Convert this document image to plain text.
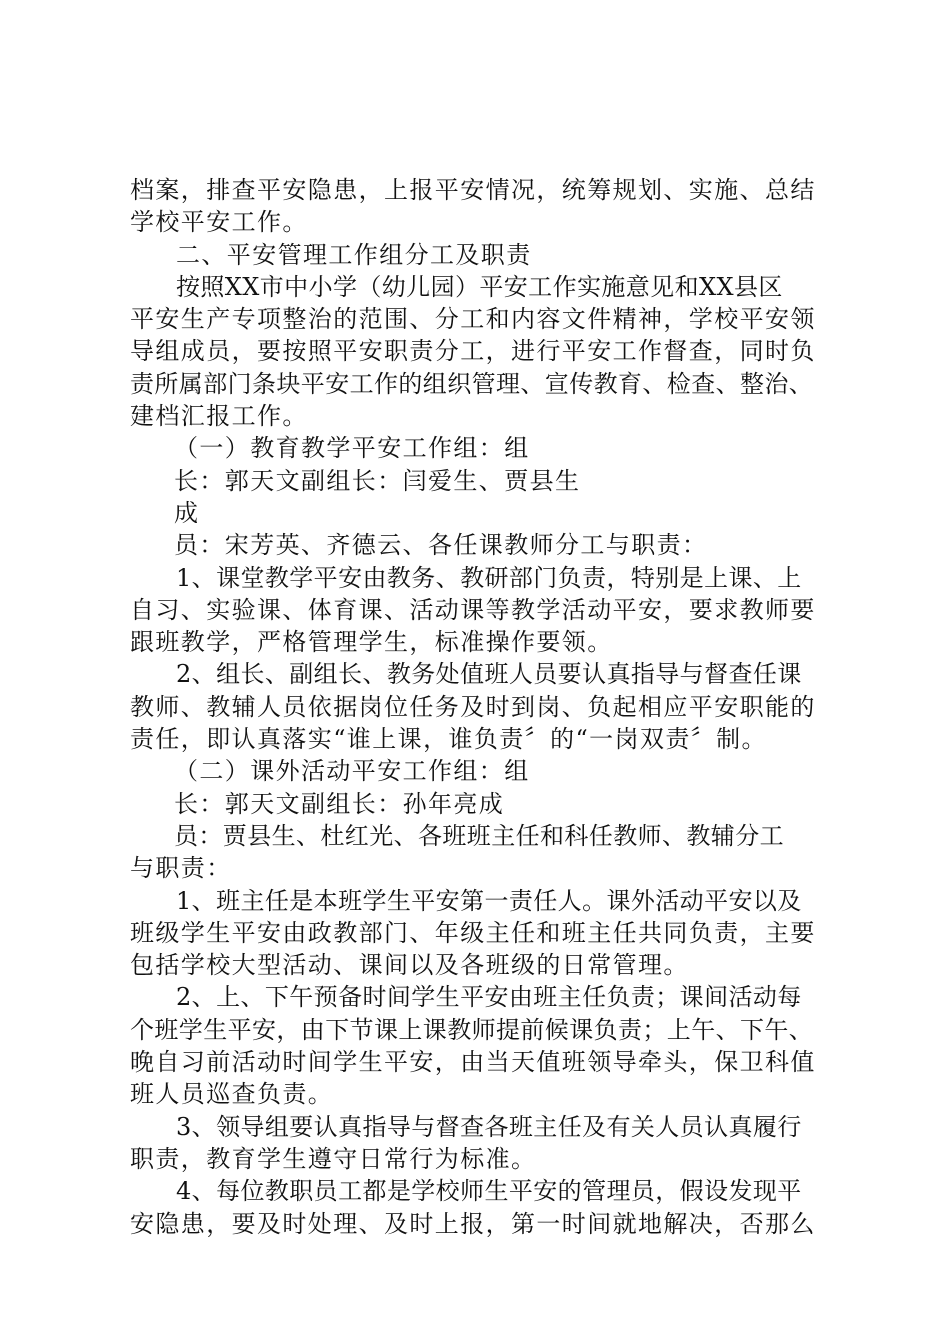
档案，排查平安隐患，上报平安情况，统筹规划、实施、总结
学校平安工作。
二、平安管理工作组分工及职责
按照XX市中小学（幼儿园）平安工作实施意见和XX县区
平安生产专项整治的范围、分工和内容文件精神，学校平安领
导组成员，要按照平安职责分工，进行平安工作督查，同时负
责所属部门条块平安工作的组织管理、宣传教育、检查、整治、
建档汇报工作。
（一）教育教学平安工作组：组
长：郭天文副组长：闫爱生、贾县生
成
员：宋芳英、齐德云、各任课教师分工与职责：
1、课堂教学平安由教务、教研部门负责，特别是上课、上
自习、实验课、体育课、活动课等教学活动平安，要求教师要
跟班教学，严格管理学生，标准操作要领。
2、组长、副组长、教务处值班人员要认真指导与督查任课
教师、教辅人员依据岗位任务及时到岗、负起相应平安职能的
责任，即认真落实“谁上课，谁负责〞的“一岗双责〞制。
（二）课外活动平安工作组：组
长：郭天文副组长：孙年亮成
员：贾县生、杜红光、各班班主任和科任教师、教辅分工
与职责：
1、班主任是本班学生平安第一责任人。课外活动平安以及
班级学生平安由政教部门、年级主任和班主任共同负责，主要
包括学校大型活动、课间以及各班级的日常管理。
2、上、下午预备时间学生平安由班主任负责；课间活动每
个班学生平安，由下节课上课教师提前候课负责；上午、下午、
晚自习前活动时间学生平安，由当天值班领导牵头，保卫科值
班人员巡查负责。
3、领导组要认真指导与督查各班主任及有关人员认真履行
职责，教育学生遵守日常行为标准。
4、每位教职员工都是学校师生平安的管理员，假设发现平
安隐患，要及时处理、及时上报，第一时间就地解决，否那么
